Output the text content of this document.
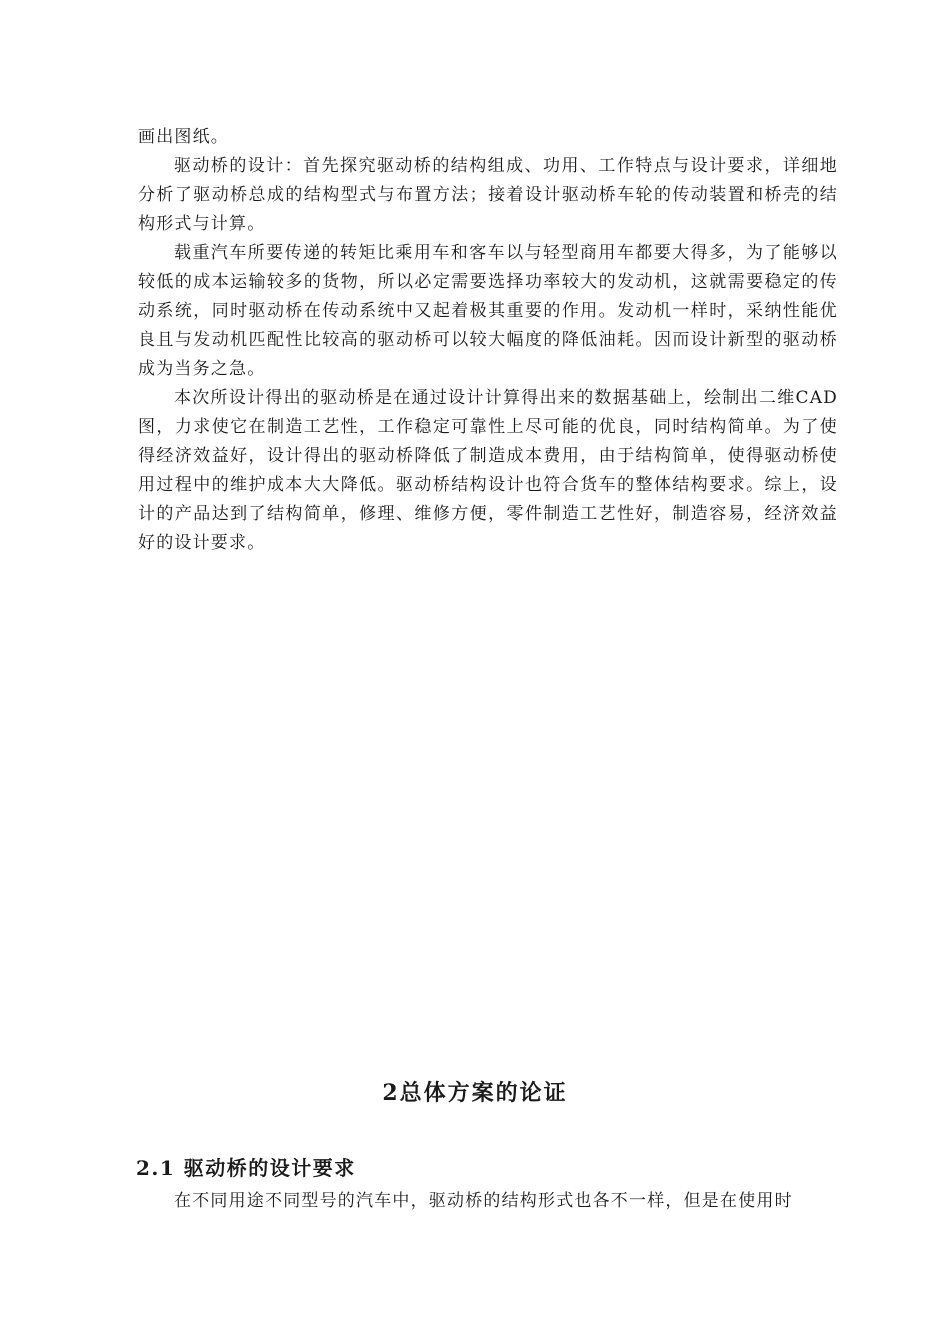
画出图纸。

驱动桥的设计：首先探究驱动桥的结构组成、功用、工作特点与设计要求，详细地分析了驱动桥总成的结构型式与布置方法；接着设计驱动桥车轮的传动装置和桥壳的结构形式与计算。

载重汽车所要传递的转矩比乘用车和客车以与轻型商用车都要大得多，为了能够以较低的成本运输较多的货物，所以必定需要选择功率较大的发动机，这就需要稳定的传动系统，同时驱动桥在传动系统中又起着极其重要的作用。发动机一样时，采纳性能优良且与发动机匹配性比较高的驱动桥可以较大幅度的降低油耗。因而设计新型的驱动桥成为当务之急。

本次所设计得出的驱动桥是在通过设计计算得出来的数据基础上，绘制出二维CAD图，力求使它在制造工艺性，工作稳定可靠性上尽可能的优良，同时结构简单。为了使得经济效益好，设计得出的驱动桥降低了制造成本费用，由于结构简单，使得驱动桥使用过程中的维护成本大大降低。驱动桥结构设计也符合货车的整体结构要求。综上，设计的产品达到了结构简单，修理、维修方便，零件制造工艺性好，制造容易，经济效益好的设计要求。

2总体方案的论证
2.1 驱动桥的设计要求

在不同用途不同型号的汽车中，驱动桥的结构形式也各不一样，但是在使用时
